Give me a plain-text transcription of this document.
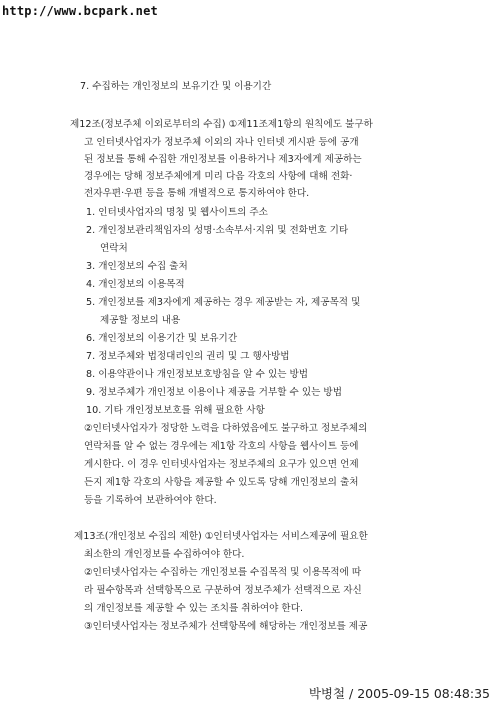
http://www.bcpark.net
7. 수집하는 개인정보의 보유기간 및 이용기간
제12조(정보주체 이외로부터의 수집) ①제11조제1항의 원칙에도 불구하
고 인터넷사업자가 정보주체 이외의 자나 인터넷 게시판 등에 공개
된 정보를 통해 수집한 개인정보를 이용하거나 제3자에게 제공하는
경우에는 당해 정보주체에게 미리 다음 각호의 사항에 대해 전화·
전자우편·우편 등을 통해 개별적으로 통지하여야 한다.
1. 인터넷사업자의 명칭 및 웹사이트의 주소
2. 개인정보관리책임자의 성명·소속부서·지위 및 전화번호 기타
연락처
3. 개인정보의 수집 출처
4. 개인정보의 이용목적
5. 개인정보를 제3자에게 제공하는 경우 제공받는 자, 제공목적 및
제공할 정보의 내용
6. 개인정보의 이용기간 및 보유기간
7. 정보주체와 법정대리인의 권리 및 그 행사방법
8. 이용약관이나 개인정보보호방침을 알 수 있는 방법
9. 정보주체가 개인정보 이용이나 제공을 거부할 수 있는 방법
10. 기타 개인정보보호를 위해 필요한 사항
②인터넷사업자가 정당한 노력을 다하였음에도 불구하고 정보주체의
연락처를 알 수 없는 경우에는 제1항 각호의 사항을 웹사이트 등에
게시한다. 이 경우 인터넷사업자는 정보주체의 요구가 있으면 언제
든지 제1항 각호의 사항을 제공할 수 있도록 당해 개인정보의 출처
등을 기록하여 보관하여야 한다.
제13조(개인정보 수집의 제한) ①인터넷사업자는 서비스제공에 필요한
최소한의 개인정보를 수집하여야 한다.
②인터넷사업자는 수집하는 개인정보를 수집목적 및 이용목적에 따
라 필수항목과 선택항목으로 구분하여 정보주체가 선택적으로 자신
의 개인정보를 제공할 수 있는 조치를 취하여야 한다.
③인터넷사업자는 정보주체가 선택항목에 해당하는 개인정보를 제공
박병철 / 2005-09-15 08:48:35
